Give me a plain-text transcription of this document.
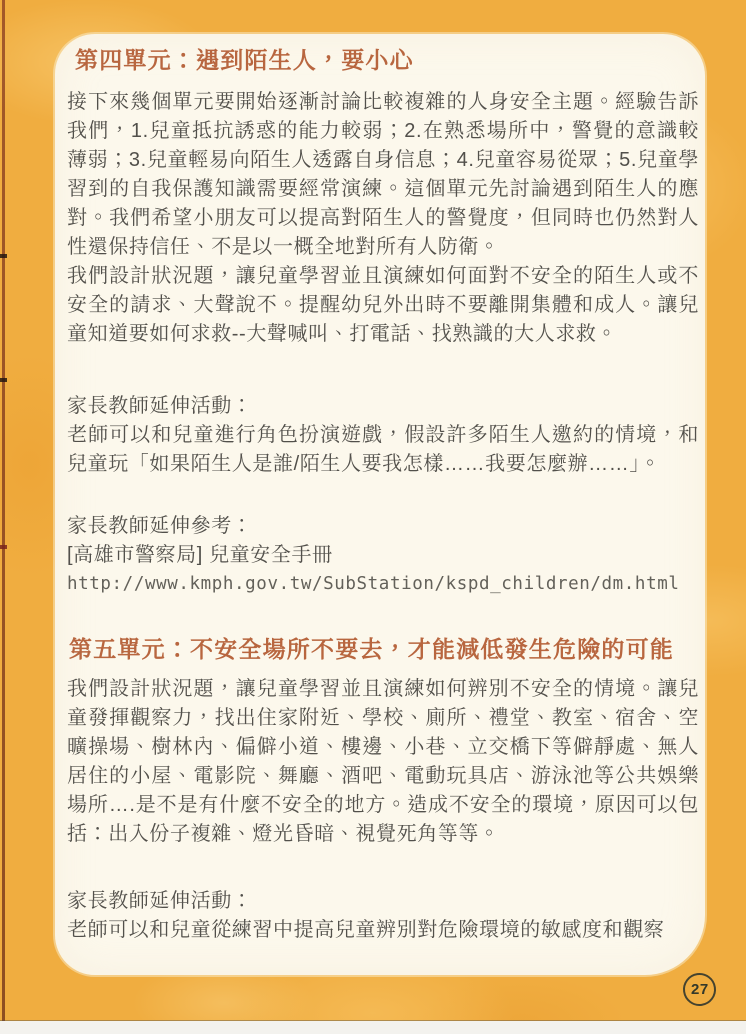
第四單元：遇到陌生人，要小心

接下來幾個單元要開始逐漸討論比較複雜的人身安全主題。經驗告訴我們，1.兒童抵抗誘惑的能力較弱；2.在熟悉場所中，警覺的意識較薄弱；3.兒童輕易向陌生人透露自身信息；4.兒童容易從眾；5.兒童學習到的自我保護知識需要經常演練。這個單元先討論遇到陌生人的應對。我們希望小朋友可以提高對陌生人的警覺度，但同時也仍然對人性還保持信任、不是以一概全地對所有人防衛。

我們設計狀況題，讓兒童學習並且演練如何面對不安全的陌生人或不安全的請求、大聲說不。提醒幼兒外出時不要離開集體和成人。讓兒童知道要如何求救--大聲喊叫、打電話、找熟識的大人求救。

家長教師延伸活動：

老師可以和兒童進行角色扮演遊戲，假設許多陌生人邀約的情境，和兒童玩「如果陌生人是誰/陌生人要我怎樣……我要怎麼辦……」。

家長教師延伸參考：

[高雄市警察局] 兒童安全手冊

http://www.kmph.gov.tw/SubStation/kspd_children/dm.html

第五單元：不安全場所不要去，才能減低發生危險的可能

我們設計狀況題，讓兒童學習並且演練如何辨別不安全的情境。讓兒童發揮觀察力，找出住家附近、學校、廁所、禮堂、教室、宿舍、空曠操場、樹林內、偏僻小道、樓邊、小巷、立交橋下等僻靜處、無人居住的小屋、電影院、舞廳、酒吧、電動玩具店、游泳池等公共娛樂場所….是不是有什麼不安全的地方。造成不安全的環境，原因可以包括：出入份子複雜、燈光昏暗、視覺死角等等。

家長教師延伸活動：

老師可以和兒童從練習中提高兒童辨別對危險環境的敏感度和觀察

27
